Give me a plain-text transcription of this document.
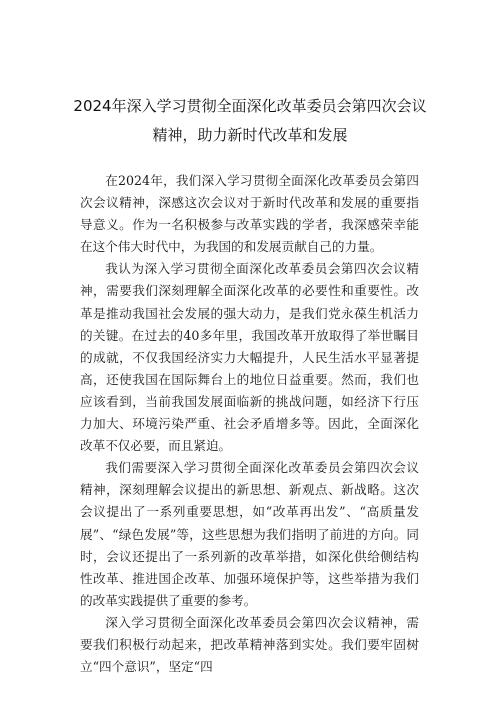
2024年深入学习贯彻全面深化改革委员会第四次会议精神，助力新时代改革和发展

在2024年，我们深入学习贯彻全面深化改革委员会第四次会议精神，深感这次会议对于新时代改革和发展的重要指导意义。作为一名积极参与改革实践的学者，我深感荣幸能在这个伟大时代中，为我国的和发展贡献自己的力量。

我认为深入学习贯彻全面深化改革委员会第四次会议精神，需要我们深刻理解全面深化改革的必要性和重要性。改革是推动我国社会发展的强大动力，是我们党永葆生机活力的关键。在过去的40多年里，我国改革开放取得了举世瞩目的成就，不仅我国经济实力大幅提升，人民生活水平显著提高，还使我国在国际舞台上的地位日益重要。然而，我们也应该看到，当前我国发展面临新的挑战问题，如经济下行压力加大、环境污染严重、社会矛盾增多等。因此，全面深化改革不仅必要，而且紧迫。

我们需要深入学习贯彻全面深化改革委员会第四次会议精神，深刻理解会议提出的新思想、新观点、新战略。这次会议提出了一系列重要思想，如“改革再出发”、“高质量发展”、“绿色发展”等，这些思想为我们指明了前进的方向。同时，会议还提出了一系列新的改革举措，如深化供给侧结构性改革、推进国企改革、加强环境保护等，这些举措为我们的改革实践提供了重要的参考。

深入学习贯彻全面深化改革委员会第四次会议精神，需要我们积极行动起来，把改革精神落到实处。我们要牢固树立“四个意识”，坚定“四
